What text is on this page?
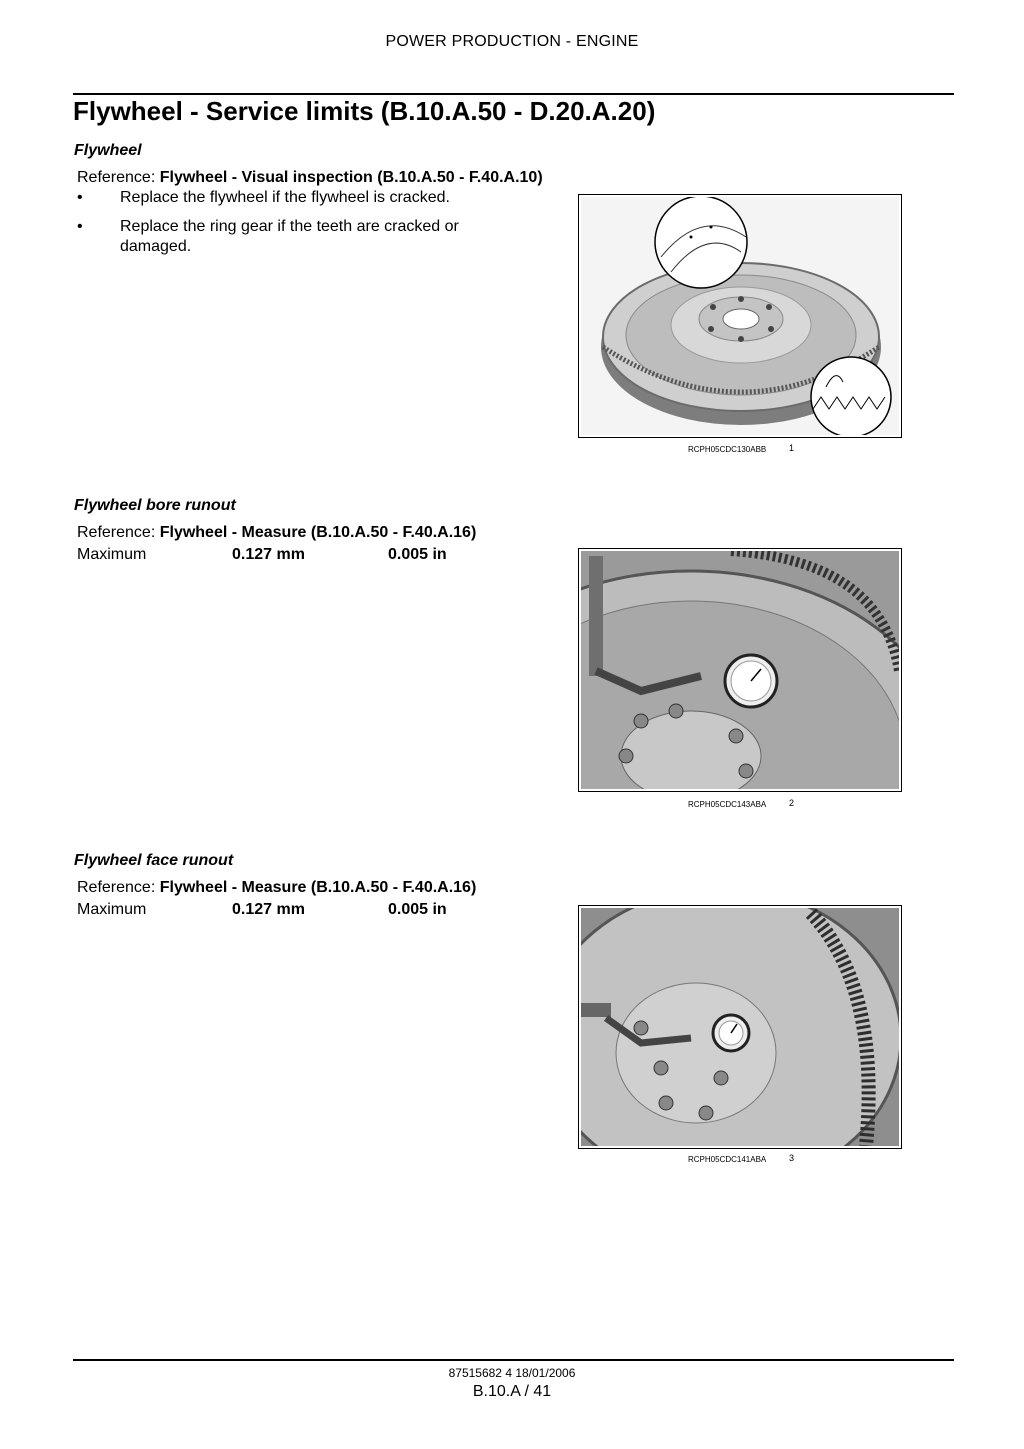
POWER PRODUCTION - ENGINE
Flywheel - Service limits (B.10.A.50 - D.20.A.20)
Flywheel
Reference: Flywheel - Visual inspection (B.10.A.50 - F.40.A.10)
• Replace the flywheel if the flywheel is cracked.
• Replace the ring gear if the teeth are cracked or damaged.
RCPH05CDC130ABB	1
Flywheel bore runout
Reference: Flywheel - Measure (B.10.A.50 - F.40.A.16)
Maximum	0.127 mm	0.005 in
RCPH05CDC143ABA	2
Flywheel face runout
Reference: Flywheel - Measure (B.10.A.50 - F.40.A.16)
Maximum	0.127 mm	0.005 in
RCPH05CDC141ABA	3
87515682 4 18/01/2006
B.10.A / 41
